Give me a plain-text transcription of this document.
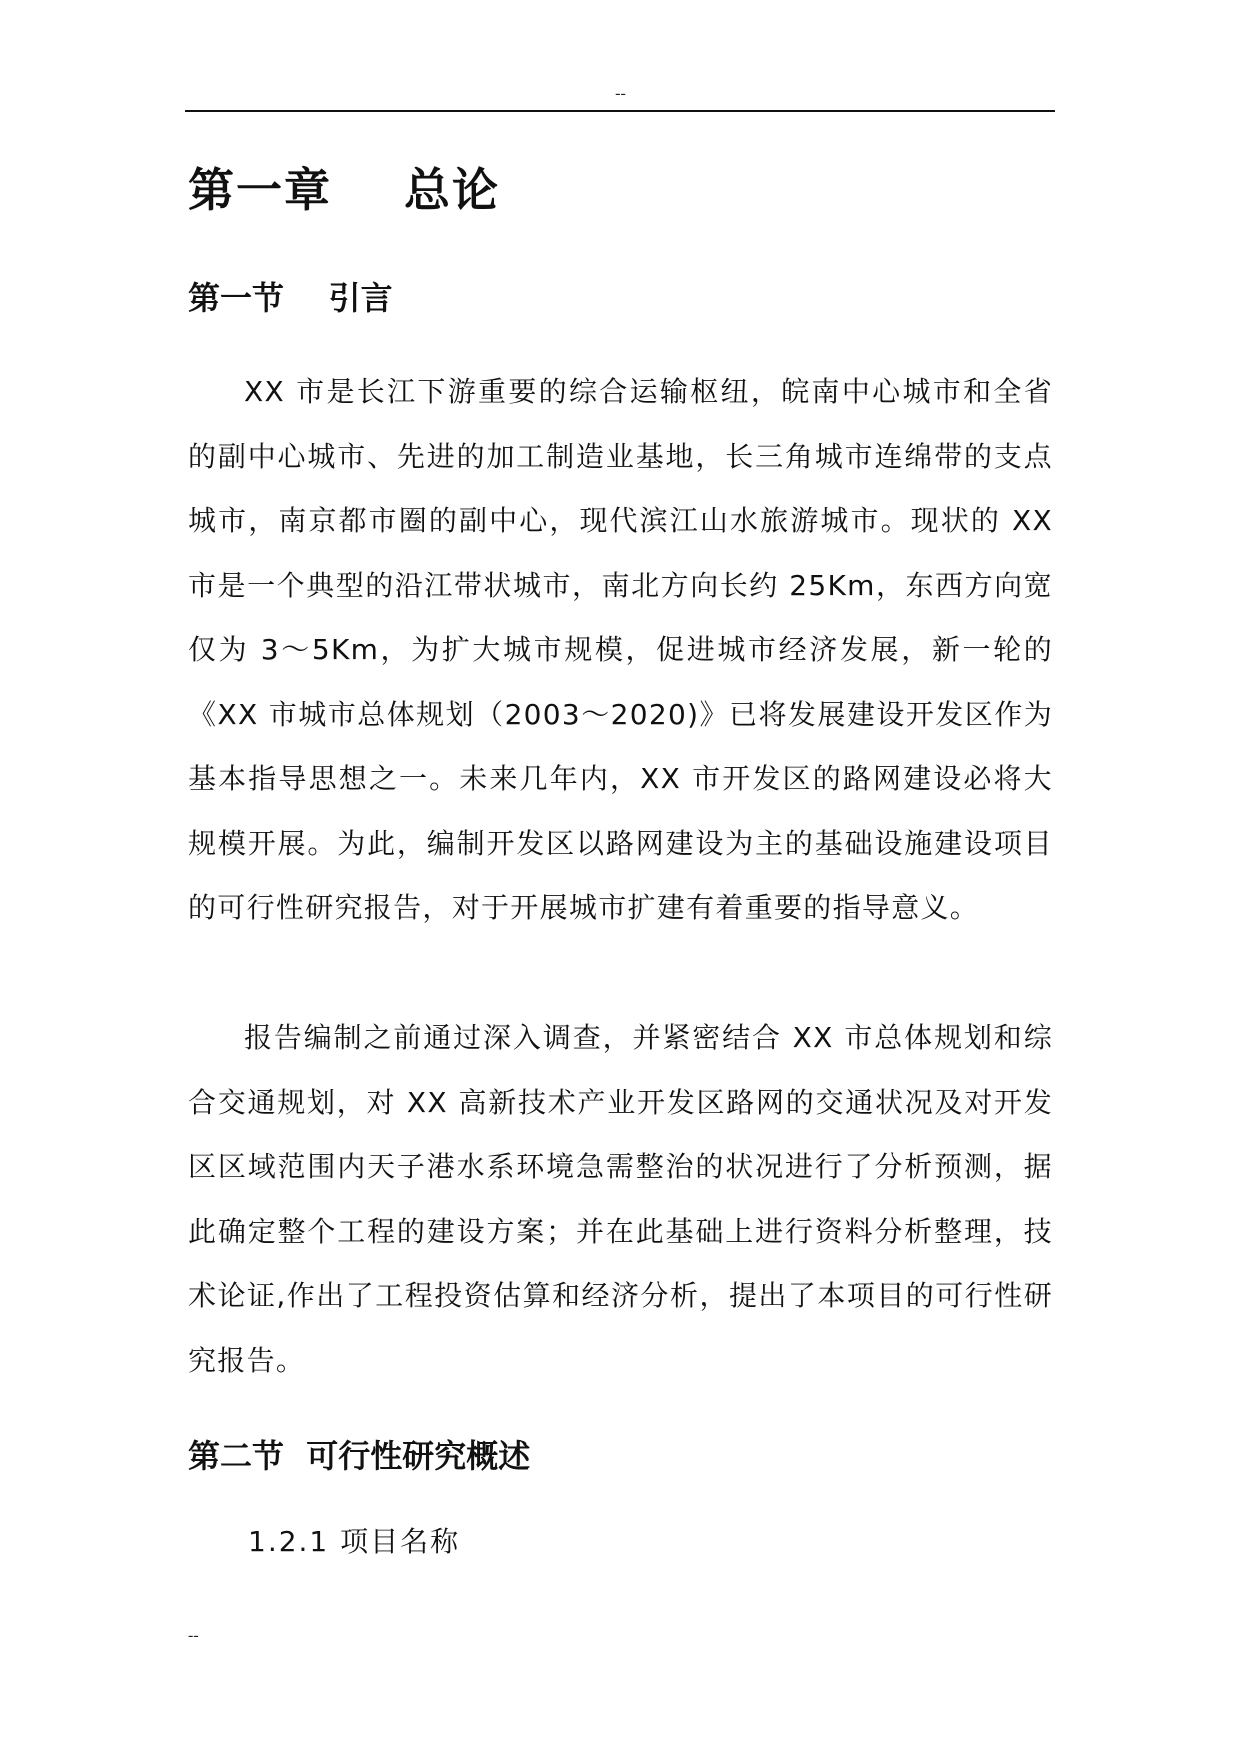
--
第一章    总论
第一节    引言

XX 市是长江下游重要的综合运输枢纽，皖南中心城市和全省的副中心城市、先进的加工制造业基地，长三角城市连绵带的支点城市，南京都市圈的副中心，现代滨江山水旅游城市。现状的 XX 市是一个典型的沿江带状城市，南北方向长约 25Km，东西方向宽仅为 3～5Km，为扩大城市规模，促进城市经济发展，新一轮的《XX 市城市总体规划（2003～2020)》已将发展建设开发区作为基本指导思想之一。未来几年内，XX 市开发区的路网建设必将大规模开展。为此，编制开发区以路网建设为主的基础设施建设项目的可行性研究报告，对于开展城市扩建有着重要的指导意义。

报告编制之前通过深入调查，并紧密结合 XX 市总体规划和综合交通规划，对 XX 高新技术产业开发区路网的交通状况及对开发区区域范围内天子港水系环境急需整治的状况进行了分析预测，据此确定整个工程的建设方案；并在此基础上进行资料分析整理，技术论证,作出了工程投资估算和经济分析，提出了本项目的可行性研究报告。

第二节  可行性研究概述
1.2.1 项目名称
--
